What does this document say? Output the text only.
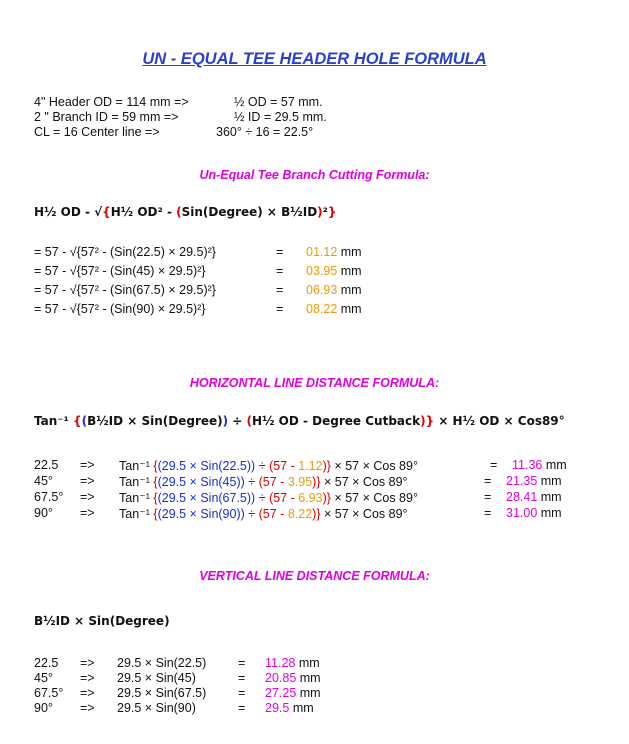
UN - EQUAL TEE HEADER HOLE FORMULA
4" Header OD = 114 mm =>	½ OD = 57 mm.
2 " Branch ID = 59 mm =>	½ ID = 29.5 mm.
CL = 16 Center line =>	360° ÷ 16 = 22.5°
Un-Equal Tee Branch Cutting Formula:
H½ OD - √{H½ OD² - (Sin(Degree) × B½ID)²}
= 57 - √{57² - (Sin(22.5) × 29.5)²}	= 01.12 mm
= 57 - √{57² - (Sin(45) × 29.5)²}	= 03.95 mm
= 57 - √{57² - (Sin(67.5) × 29.5)²}	= 06.93 mm
= 57 - √{57² - (Sin(90) × 29.5)²}	= 08.22 mm
HORIZONTAL LINE DISTANCE FORMULA:
Tan⁻¹ {(B½ID × Sin(Degree)) ÷ (H½ OD - Degree Cutback)} × H½ OD × Cos89°
22.5 => Tan⁻¹ {(29.5 × Sin(22.5)) ÷ (57 - 1.12)} × 57 × Cos 89°	= 11.36 mm
45° => Tan⁻¹ {(29.5 × Sin(45)) ÷ (57 - 3.95)} × 57 × Cos 89°	= 21.35 mm
67.5° => Tan⁻¹ {(29.5 × Sin(67.5)) ÷ (57 - 6.93)} × 57 × Cos 89°	= 28.41 mm
90° => Tan⁻¹ {(29.5 × Sin(90)) ÷ (57 - 8.22)} × 57 × Cos 89°	= 31.00 mm
VERTICAL LINE DISTANCE FORMULA:
B½ID × Sin(Degree)
22.5 => 29.5 × Sin(22.5)	= 11.28 mm
45° => 29.5 × Sin(45)	= 20.85 mm
67.5° => 29.5 × Sin(67.5)	= 27.25 mm
90° => 29.5 × Sin(90)	= 29.5 mm
